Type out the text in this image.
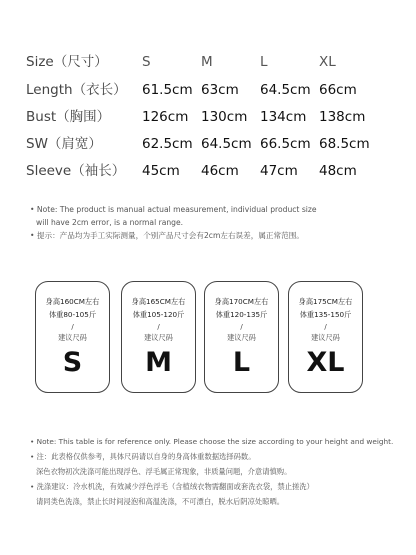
Size（尺寸）	S	M	L	XL
Length（衣长） 61.5cm 63cm 64.5cm 66cm
Bust（胸围） 126cm 130cm 134cm 138cm
SW（肩宽）	62.5cm 64.5cm 66.5cm 68.5cm
Sleeve（袖长） 45cm 46cm 47cm 48cm
• Note: The product is manual actual measurement, individual product size
will have 2cm error, is a normal range.
• 提示：产品均为手工实际测量，个别产品尺寸会有2cm左右误差，属正常范围。
身高160CM左右
体重80-105斤
/
建议尺码
S
身高165CM左右
体重105-120斤
/
建议尺码
M
身高170CM左右
体重120-135斤
/
建议尺码
L
身高175CM左右
体重135-150斤
/
建议尺码
XL
• Note: This table is for reference only. Please choose the size according to your height and weight.
• 注：此表格仅供参考，具体尺码请以自身的身高体重数据选择码数。
深色衣物初次洗涤可能出现浮色、浮毛属正常现象，非质量问题，介意请慎购。
• 洗涤建议：冷水机洗，有效减少浮色浮毛（含植绒衣物需翻面或套洗衣袋，禁止搓洗）
请同类色洗涤，禁止长时间浸泡和高温洗涤，不可漂白，脱水后阴凉处晾晒。
